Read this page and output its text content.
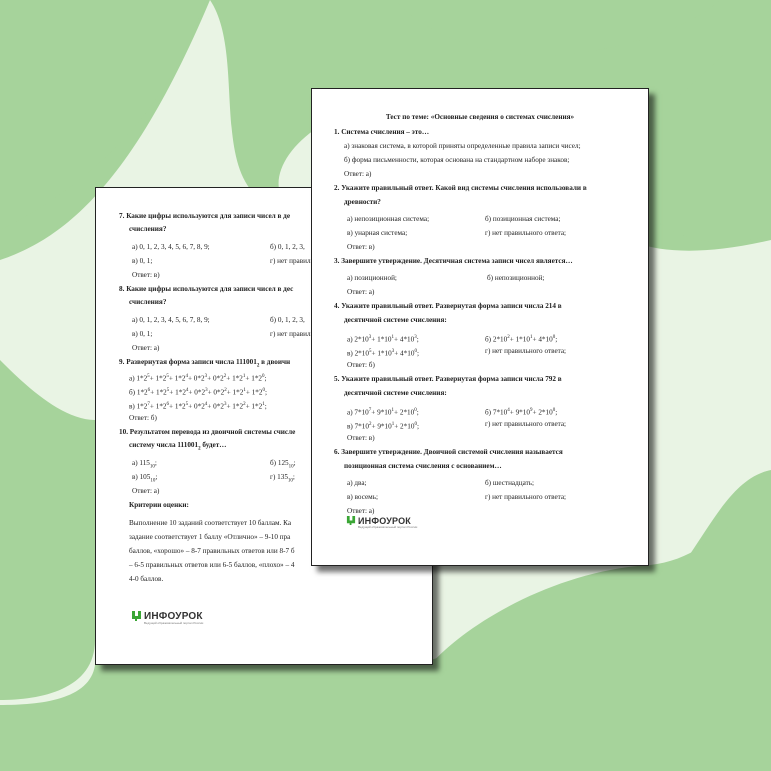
7. Какие цифры используются для записи чисел в де
счисления?
а) 0, 1, 2, 3, 4, 5, 6, 7, 8, 9;	б) 0, 1, 2, 3,
в) 0, 1;	г) нет правил
Ответ: в)
8. Какие цифры используются для записи чисел в дес
счисления?
а) 0, 1, 2, 3, 4, 5, 6, 7, 8, 9;	б) 0, 1, 2, 3,
в) 0, 1;	г) нет правил
Ответ: а)
9. Развернутая форма записи числа $111001_2$ в двоичн
а) $1*2^5+ 1*2^5+ 1*2^4+ 0*2^3+ 0*2^2+ 1*2^1+ 1*2^0$;
б) $1*2^6+ 1*2^5+ 1*2^4+ 0*2^3+ 0*2^2+ 1*2^1+ 1*2^0$;
в) $1*2^7+ 1*2^6+ 1*2^5+ 0*2^4+ 0*2^3+ 1*2^2+ 1*2^1$;
Ответ: б)
10. Результатом перевода из двоичной системы счисле
систему числа $111001_2$ будет…
а) $115_{10}$;	б) $125_{10}$;
в) $105_{10}$;	г) $135_{10}$;
Ответ: а)
Критерии оценки:
Выполнение 10 заданий соответствует 10 баллам. Ка
задание соответствует 1 баллу «Отлично» – 9-10 пра
баллов, «хорошо» – 8-7 правильных ответов или 8-7 б
– 6-5 правильных ответов или 6-5 баллов, «плохо» – 4
4-0 баллов.
ИНФОУРОК
Ведущий образовательный портал России
Тест по теме: «Основные сведения о системах счисления»
1. Система счисления – это…
а) знаковая система, в которой приняты определенные правила записи чисел;
б) форма письменности, которая основана на стандартном наборе знаков;
Ответ: а)
2. Укажите правильный ответ. Какой вид системы счисления использовали в
древности?
а) непозиционная система;	б) позиционная система;
в) унарная система;	г) нет правильного ответа;
Ответ: в)
3. Завершите утверждение. Десятичная система записи чисел является…
а) позиционной;	б) непозиционной;
Ответ: а)
4. Укажите правильный ответ. Развернутая форма записи числа 214 в
десятичной системе счисления:
а) $2*10^3+ 1*10^1+ 4*10^3$;	б) $2*10^2+ 1*10^1+ 4*10^0$;
в) $2*10^5+ 1*10^3+ 4*10^0$;	г) нет правильного ответа;
Ответ: б)
5. Укажите правильный ответ. Развернутая форма записи числа 792 в
десятичной системе счисления:
а) $7*10^7+ 9*10^1+ 2*10^0$;	б) $7*10^4+ 9*10^9+ 2*10^0$;
в) $7*10^2+ 9*10^1+ 2*10^0$;	г) нет правильного ответа;
Ответ: в)
6. Завершите утверждение. Двоичной системой счисления называется
позиционная система счисления с основанием…
а) два;	б) шестнадцать;
в) восемь;	г) нет правильного ответа;
Ответ: а)
ИНФОУРОК
Ведущий образовательный портал России
